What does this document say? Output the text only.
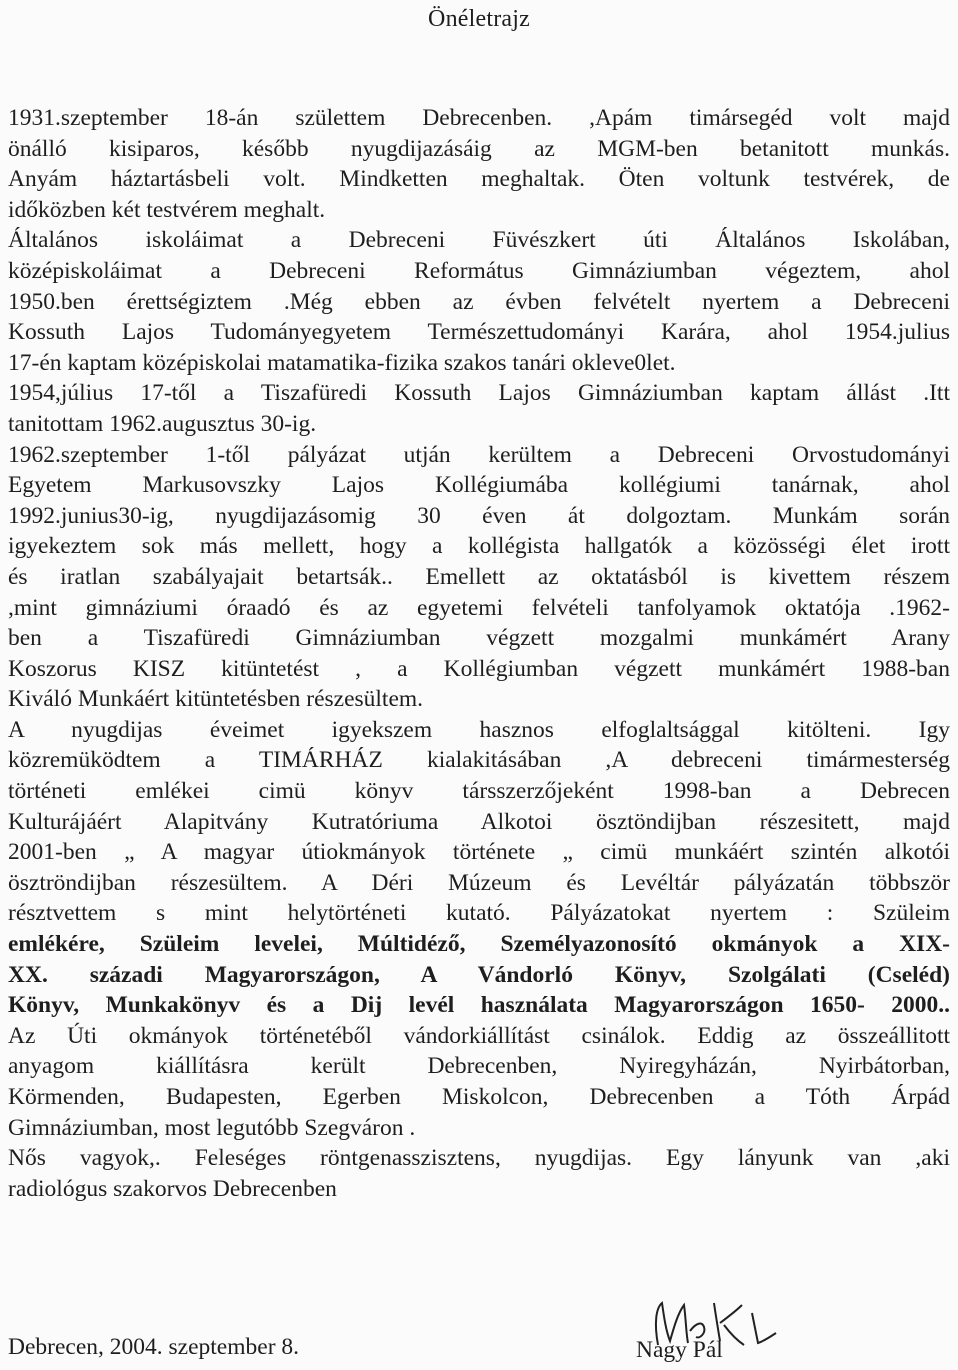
Önéletrajz
1931.szeptember 18-án születtem Debrecenben. ,Apám timársegéd volt majd
önálló kisiparos, később nyugdijazásáig az MGM-ben betanitott munkás.
Anyám háztartásbeli volt. Mindketten meghaltak. Öten voltunk testvérek, de
időközben két testvérem meghalt.
Általános iskoláimat a Debreceni Füvészkert úti Általános Iskolában,
középiskoláimat a Debreceni Református Gimnáziumban végeztem, ahol
1950.ben érettségiztem .Még ebben az évben felvételt nyertem a Debreceni
Kossuth Lajos Tudományegyetem Természettudományi Karára, ahol 1954.julius
17-én kaptam középiskolai matamatika-fizika szakos tanári okleve0let.
1954,július 17-től a Tiszafüredi Kossuth Lajos Gimnáziumban kaptam állást .Itt
tanitottam 1962.augusztus 30-ig.
1962.szeptember 1-től pályázat utján kerültem a Debreceni Orvostudományi
Egyetem Markusovszky Lajos Kollégiumába kollégiumi tanárnak, ahol
1992.junius30-ig, nyugdijazásomig 30 éven át dolgoztam. Munkám során
igyekeztem sok más mellett, hogy a kollégista hallgatók a közösségi élet irott
és iratlan szabályajait betartsák.. Emellett az oktatásból is kivettem részem
,mint gimnáziumi óraadó és az egyetemi felvételi tanfolyamok oktatója .1962-
ben a Tiszafüredi Gimnáziumban végzett mozgalmi munkámért Arany
Koszorus KISZ kitüntetést , a Kollégiumban végzett munkámért 1988-ban
Kiváló Munkáért kitüntetésben részesültem.
A nyugdijas éveimet igyekszem hasznos elfoglaltsággal kitölteni. Igy
közremüködtem a TIMÁRHÁZ kialakitásában ,A debreceni timármesterség
történeti emlékei cimü könyv társszerzőjeként 1998-ban a Debrecen
Kulturájáért Alapitvány Kutratóriuma Alkotoi ösztöndijban részesitett, majd
2001-ben „ A magyar útiokmányok története „ cimü munkáért szintén alkotói
ösztröndijban részesültem. A Déri Múzeum és Levéltár pályázatán többször
résztvettem s mint helytörténeti kutató. Pályázatokat nyertem : Szüleim
emlékére, Szüleim levelei, Múltidéző, Személyazonosító okmányok a XIX-
XX. századi Magyarországon, A Vándorló Könyv, Szolgálati (Cseléd)
Könyv, Munkakönyv és a Dij levél használata Magyarországon 1650- 2000..
Az Úti okmányok történetéből vándorkiállítást csinálok. Eddig az összeállitott
anyagom kiállításra került Debrecenben, Nyiregyházán, Nyirbátorban,
Körmenden, Budapesten, Egerben Miskolcon, Debrecenben a Tóth Árpád
Gimnáziumban, most legutóbb Szegváron .
Nős vagyok,. Feleséges röntgenasszisztens, nyugdijas. Egy lányunk van ,aki
radiológus szakorvos Debrecenben
Debrecen, 2004. szeptember 8.	Nagy Pál
